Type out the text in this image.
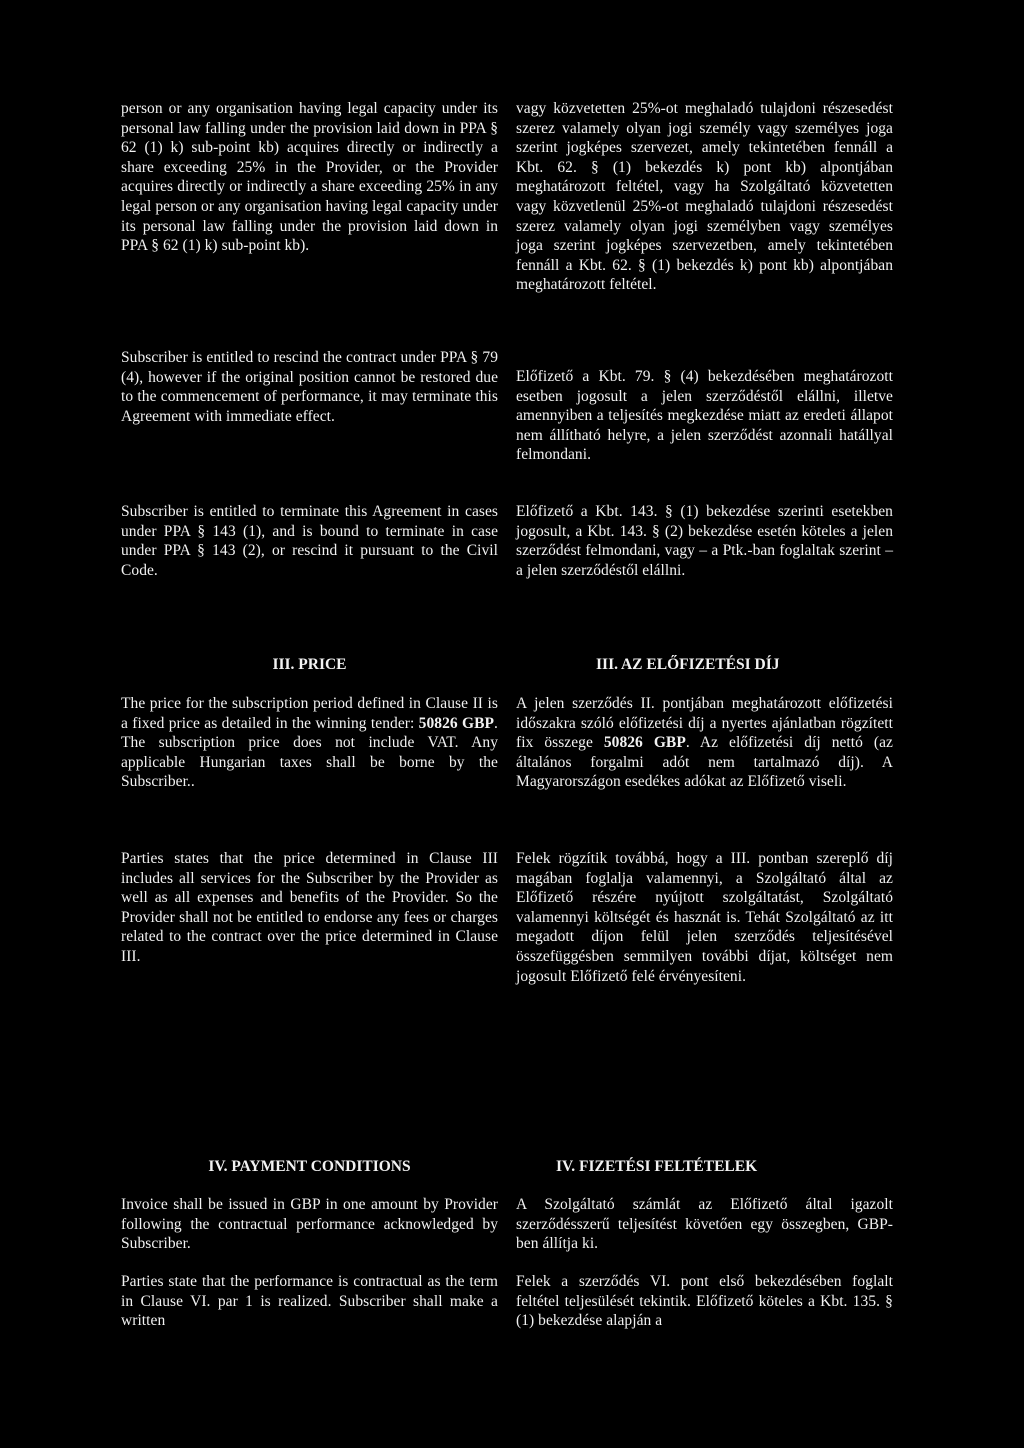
person or any organisation having legal capacity under its personal law falling under the provision laid down in PPA § 62 (1) k) sub-point kb) acquires directly or indirectly a share exceeding 25% in the Provider, or the Provider acquires directly or indirectly a share exceeding 25% in any legal person or any organisation having legal capacity under its personal law falling under the provision laid down in PPA § 62 (1) k) sub-point kb).

Subscriber is entitled to rescind the contract under PPA § 79 (4), however if the original position cannot be restored due to the commencement of performance, it may terminate this Agreement with immediate effect.

Subscriber is entitled to terminate this Agreement in cases under PPA § 143 (1), and is bound to terminate in case under PPA § 143 (2), or rescind it pursuant to the Civil Code.

III. PRICE

The price for the subscription period defined in Clause II is a fixed price as detailed in the winning tender: 50826 GBP. The subscription price does not include VAT. Any applicable Hungarian taxes shall be borne by the Subscriber..

Parties states that the price determined in Clause III includes all services for the Subscriber by the Provider as well as all expenses and benefits of the Provider. So the Provider shall not be entitled to endorse any fees or charges related to the contract over the price determined in Clause III.

IV. PAYMENT CONDITIONS

Invoice shall be issued in GBP in one amount by Provider following the contractual performance acknowledged by Subscriber.

Parties state that the performance is contractual as the term in Clause VI. par 1 is realized. Subscriber shall make a written

vagy közvetetten 25%-ot meghaladó tulajdoni részesedést szerez valamely olyan jogi személy vagy személyes joga szerint jogképes szervezet, amely tekintetében fennáll a Kbt. 62. § (1) bekezdés k) pont kb) alpontjában meghatározott feltétel, vagy ha Szolgáltató közvetetten vagy közvetlenül 25%-ot meghaladó tulajdoni részesedést szerez valamely olyan jogi személyben vagy személyes joga szerint jogképes szervezetben, amely tekintetében fennáll a Kbt. 62. § (1) bekezdés k) pont kb) alpontjában meghatározott feltétel.

Előfizető a Kbt. 79. § (4) bekezdésében meghatározott esetben jogosult a jelen szerződéstől elállni, illetve amennyiben a teljesítés megkezdése miatt az eredeti állapot nem állítható helyre, a jelen szerződést azonnali hatállyal felmondani.

Előfizető a Kbt. 143. § (1) bekezdése szerinti esetekben jogosult, a Kbt. 143. § (2) bekezdése esetén köteles a jelen szerződést felmondani, vagy – a Ptk.-ban foglaltak szerint – a jelen szerződéstől elállni.

III. AZ ELŐFIZETÉSI DÍJ

A jelen szerződés II. pontjában meghatározott előfizetési időszakra szóló előfizetési díj a nyertes ajánlatban rögzített fix összege 50826 GBP. Az előfizetési díj nettó (az általános forgalmi adót nem tartalmazó díj). A Magyarországon esedékes adókat az Előfizető viseli.

Felek rögzítik továbbá, hogy a III. pontban szereplő díj magában foglalja valamennyi, a Szolgáltató által az Előfizető részére nyújtott szolgáltatást, Szolgáltató valamennyi költségét és hasznát is. Tehát Szolgáltató az itt megadott díjon felül jelen szerződés teljesítésével összefüggésben semmilyen további díjat, költséget nem jogosult Előfizető felé érvényesíteni.

IV. FIZETÉSI FELTÉTELEK

A Szolgáltató számlát az Előfizető által igazolt szerződésszerű teljesítést követően egy összegben, GBP-ben állítja ki.

Felek a szerződés VI. pont első bekezdésében foglalt feltétel teljesülését tekintik. Előfizető köteles a Kbt. 135. § (1) bekezdése alapján a
